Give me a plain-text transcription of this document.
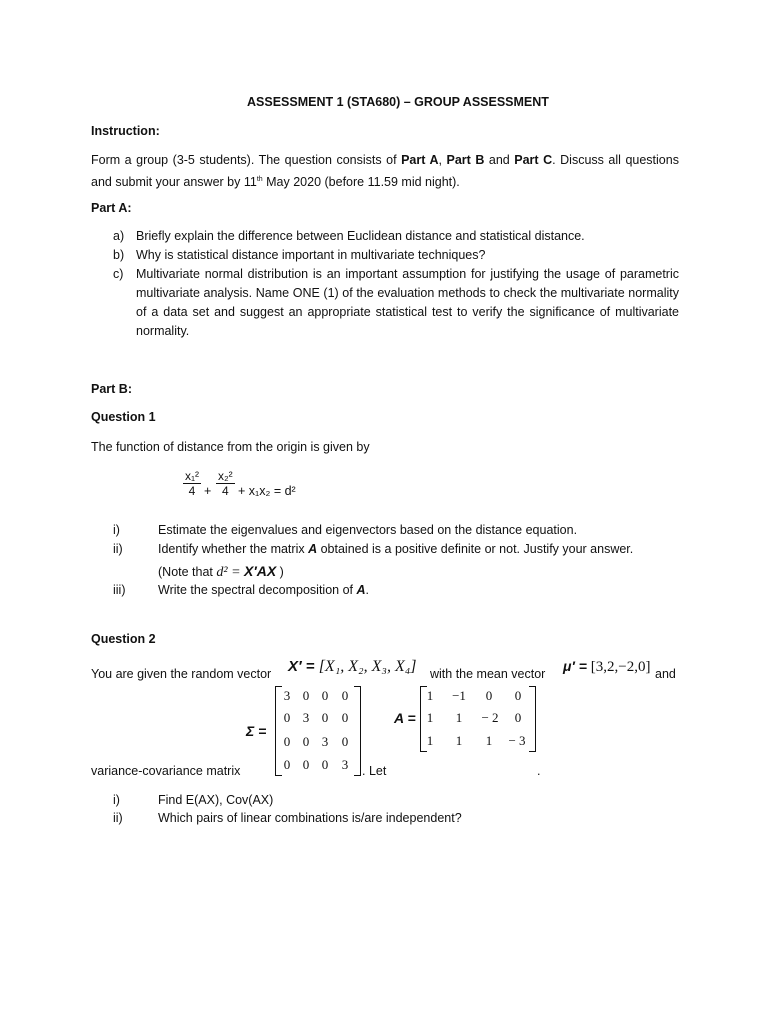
ASSESSMENT 1 (STA680) – GROUP ASSESSMENT
Instruction:
Form a group (3-5 students). The question consists of Part A, Part B and Part C. Discuss all questions and submit your answer by 11th May 2020 (before 11.59 mid night).
Part A:
a) Briefly explain the difference between Euclidean distance and statistical distance.
b) Why is statistical distance important in multivariate techniques?
c) Multivariate normal distribution is an important assumption for justifying the usage of parametric multivariate analysis. Name ONE (1) of the evaluation methods to check the multivariate normality of a data set and suggest an appropriate statistical test to verify the significance of multivariate normality.
Part B:
Question 1
The function of distance from the origin is given by
$\frac{\text{x₁²}}{4} + \frac{\text{x₂²}}{4} + x_1x_2 = d^2$
i)	Estimate the eigenvalues and eigenvectors based on the distance equation.
ii)	Identify whether the matrix A obtained is a positive definite or not. Justify your answer.
(Note that d² = X′AX )
iii)	Write the spectral decomposition of A.
Question 2
You are given the random vector X′ = [X₁, X₂, X₃, X₄] with the mean vector μ′ = [3,2,−2,0] and
Σ =
3 0 0	0
0 3 0	0
0 0 3	0
0 0 0	3	. Let
A =
1	−1	0	0
1	1	− 2	0
1	1	1	− 3
variance-covariance matrix	.
i)	Find E(AX), Cov(AX)
ii)	Which pairs of linear combinations is/are independent?
